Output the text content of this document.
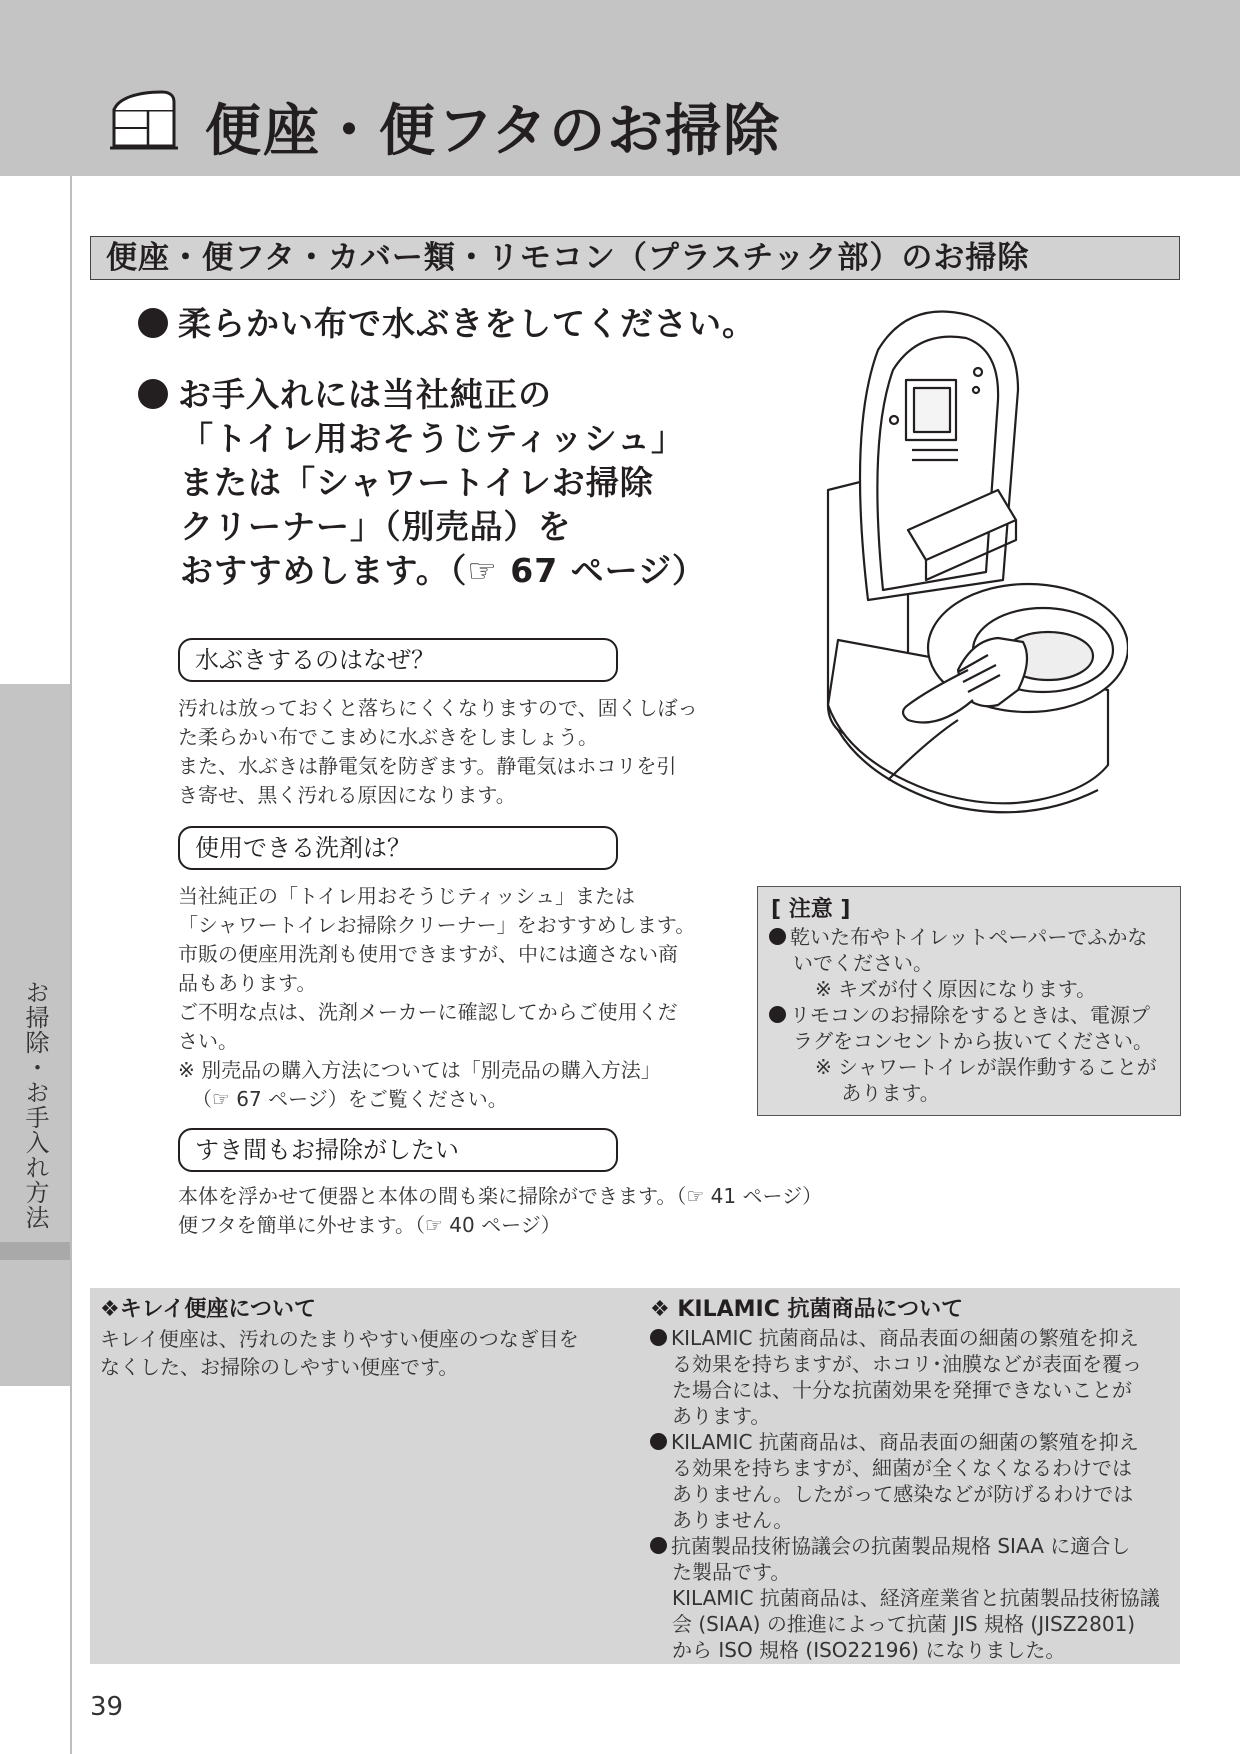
便座・便フタのお掃除
お掃除・お手入れ方法
便座・便フタ・カバー類・リモコン（プラスチック部）のお掃除
柔らかい布で水ぶきをしてください。
お手入れには当社純正の
「トイレ用おそうじティッシュ」
または「シャワートイレお掃除
クリーナー」（別売品）を
おすすめします。（☞ 67 ページ）
水ぶきするのはなぜ？
汚れは放っておくと落ちにくくなりますので、固くしぼっ
た柔らかい布でこまめに水ぶきをしましょう。
また、水ぶきは静電気を防ぎます。静電気はホコリを引
き寄せ、黒く汚れる原因になります。
使用できる洗剤は？
当社純正の「トイレ用おそうじティッシュ」または
「シャワートイレお掃除クリーナー」をおすすめします。
市販の便座用洗剤も使用できますが、中には適さない商
品もあります。
ご不明な点は、洗剤メーカーに確認してからご使用くだ
さい。
※ 別売品の購入方法については「別売品の購入方法」
（☞ 67 ページ）をご覧ください。
すき間もお掃除がしたい
本体を浮かせて便器と本体の間も楽に掃除ができます。（☞ 41 ページ）
便フタを簡単に外せます。（☞ 40 ページ）
[ 注意 ]
乾いた布やトイレットペーパーでふかな
いでください。
※ キズが付く原因になります。
リモコンのお掃除をするときは、電源プ
ラグをコンセントから抜いてください。
※ シャワートイレが誤作動することが
　 あります。
❖キレイ便座について
キレイ便座は、汚れのたまりやすい便座のつなぎ目を
なくした、お掃除のしやすい便座です。
❖ KILAMIC 抗菌商品について
KILAMIC 抗菌商品は、商品表面の細菌の繁殖を抑え
る効果を持ちますが、ホコリ･油膜などが表面を覆っ
た場合には、十分な抗菌効果を発揮できないことが
あります。
KILAMIC 抗菌商品は、商品表面の細菌の繁殖を抑え
る効果を持ちますが、細菌が全くなくなるわけでは
ありません。したがって感染などが防げるわけでは
ありません。
抗菌製品技術協議会の抗菌製品規格 SIAA に適合し
た製品です。
KILAMIC 抗菌商品は、経済産業省と抗菌製品技術協議
会 (SIAA) の推進によって抗菌 JIS 規格 (JISZ2801)
から ISO 規格 (ISO22196) になりました。
39
